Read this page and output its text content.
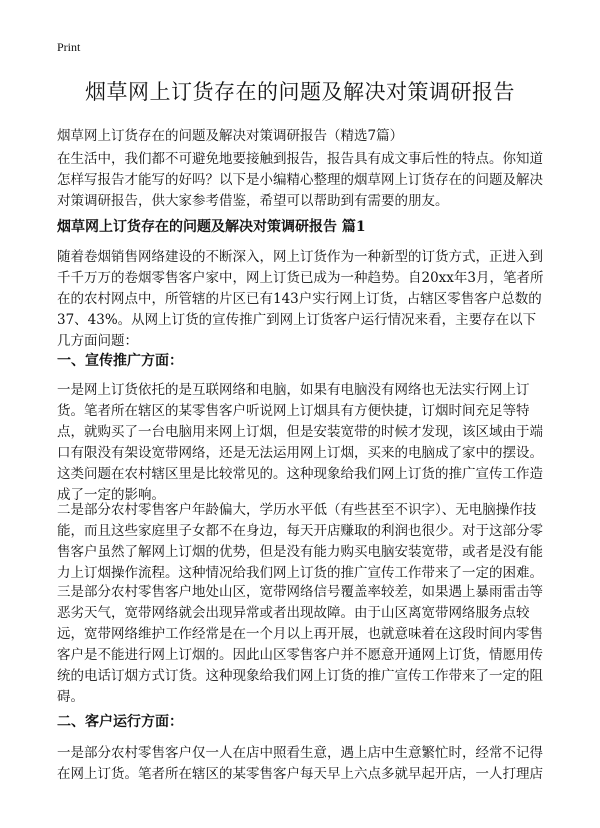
Print
烟草网上订货存在的问题及解决对策调研报告
烟草网上订货存在的问题及解决对策调研报告（精选7篇）

在生活中，我们都不可避免地要接触到报告，报告具有成文事后性的特点。你知道怎样写报告才能写的好吗？以下是小编精心整理的烟草网上订货存在的问题及解决对策调研报告，供大家参考借鉴，希望可以帮助到有需要的朋友。

烟草网上订货存在的问题及解决对策调研报告 篇1

随着卷烟销售网络建设的不断深入，网上订货作为一种新型的订货方式，正进入到千千万万的卷烟零售客户家中，网上订货已成为一种趋势。自20xx年3月，笔者所在的农村网点中，所管辖的片区已有143户实行网上订货，占辖区零售客户总数的37、43%。从网上订货的宣传推广到网上订货客户运行情况来看，主要存在以下几方面问题：

一、宣传推广方面：

一是网上订货依托的是互联网络和电脑，如果有电脑没有网络也无法实行网上订货。笔者所在辖区的某零售客户听说网上订烟具有方便快捷，订烟时间充足等特点，就购买了一台电脑用来网上订烟，但是安装宽带的时候才发现，该区域由于端口有限没有架设宽带网络，还是无法运用网上订烟，买来的电脑成了家中的摆设。这类问题在农村辖区里是比较常见的。这种现象给我们网上订货的推广宣传工作造成了一定的影响。

二是部分农村零售客户年龄偏大，学历水平低（有些甚至不识字）、无电脑操作技能，而且这些家庭里子女都不在身边，每天开店赚取的利润也很少。对于这部分零售客户虽然了解网上订烟的优势，但是没有能力购买电脑安装宽带，或者是没有能力上订烟操作流程。这种情况给我们网上订货的推广宣传工作带来了一定的困难。

三是部分农村零售客户地处山区，宽带网络信号覆盖率较差，如果遇上暴雨雷击等恶劣天气，宽带网络就会出现异常或者出现故障。由于山区离宽带网络服务点较远，宽带网络维护工作经常是在一个月以上再开展，也就意味着在这段时间内零售客户是不能进行网上订烟的。因此山区零售客户并不愿意开通网上订货，情愿用传统的电话订烟方式订货。这种现象给我们网上订货的推广宣传工作带来了一定的阻碍。

二、客户运行方面：

一是部分农村零售客户仅一人在店中照看生意，遇上店中生意繁忙时，经常不记得在网上订货。笔者所在辖区的某零售客户每天早上六点多就早起开店，一人打理店
